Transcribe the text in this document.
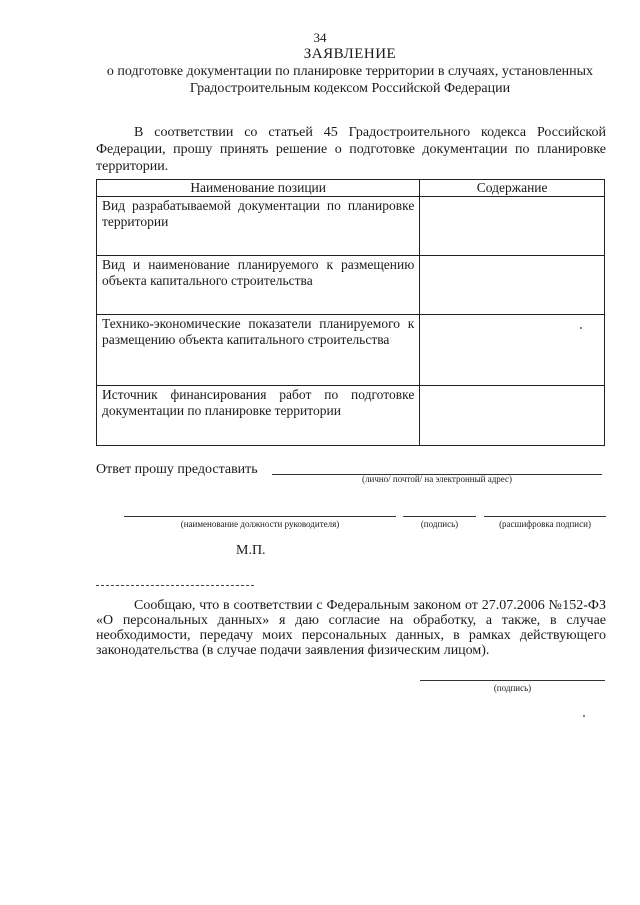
34
ЗАЯВЛЕНИЕ
о подготовке документации по планировке территории в случаях, установленных Градостроительным кодексом Российской Федерации
В соответствии со статьей 45 Градостроительного кодекса Российской Федерации, прошу принять решение о подготовке документации по планировке территории.
Наименование позиции	Содержание

Вид разрабатываемой документации по планировке территории	

Вид и наименование планируемого к размещению объекта капитального строительства	

Технико-экономические показатели планируемого к размещению объекта капитального строительства	

Источник финансирования работ по подготовке документации по планировке территории	

Ответ прошу предоставить
(лично/ почтой/ на электронный адрес)
(наименование должности руководителя)	(подпись)	(расшифровка подписи)
М.П.
Сообщаю, что в соответствии с Федеральным законом от 27.07.2006 №152-ФЗ «О персональных данных» я даю согласие на обработку, а также, в случае необходимости, передачу моих персональных данных, в рамках действующего законодательства (в случае подачи заявления физическим лицом).
(подпись)
